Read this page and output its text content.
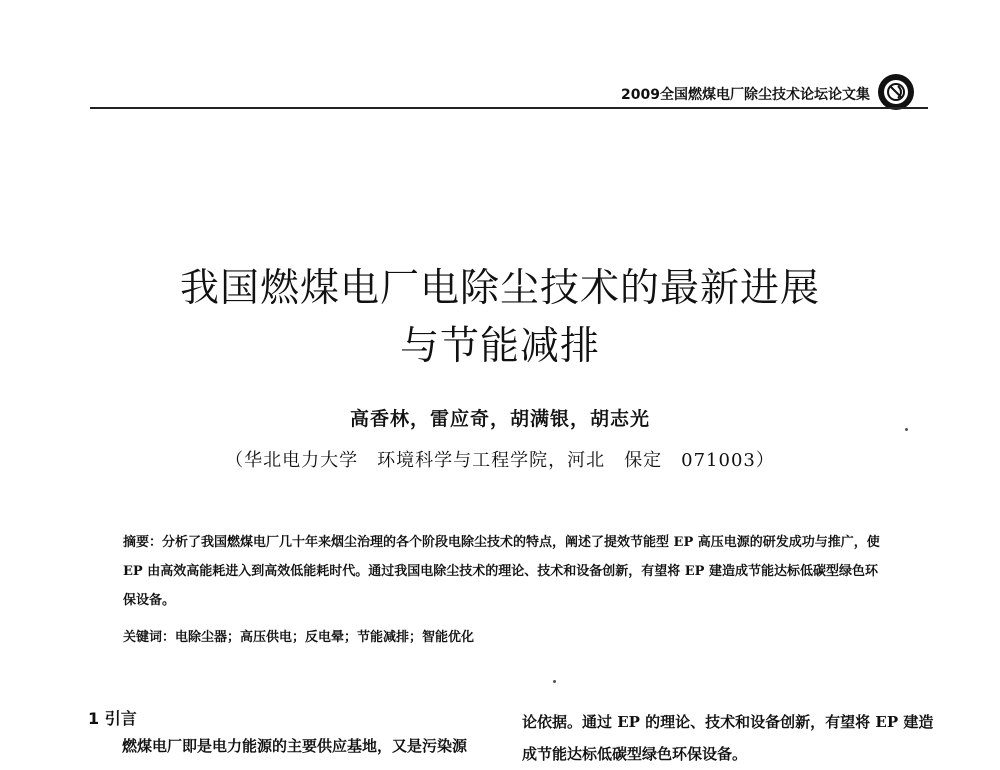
2009全国燃煤电厂除尘技术论坛论文集
我国燃煤电厂电除尘技术的最新进展
与节能减排
高香林，雷应奇，胡满银，胡志光
（华北电力大学　环境科学与工程学院，河北　保定　071003）
摘要：分析了我国燃煤电厂几十年来烟尘治理的各个阶段电除尘技术的特点，阐述了提效节能型 EP 高压电源的研发成功与推广，使 EP 由高效高能耗进入到高效低能耗时代。通过我国电除尘技术的理论、技术和设备创新，有望将 EP 建造成节能达标低碳型绿色环保设备。
关键词：电除尘器；高压供电；反电晕；节能减排；智能优化
1 引言
燃煤电厂即是电力能源的主要供应基地，又是污染源

论依据。通过 EP 的理论、技术和设备创新，有望将 EP 建造

成节能达标低碳型绿色环保设备。
